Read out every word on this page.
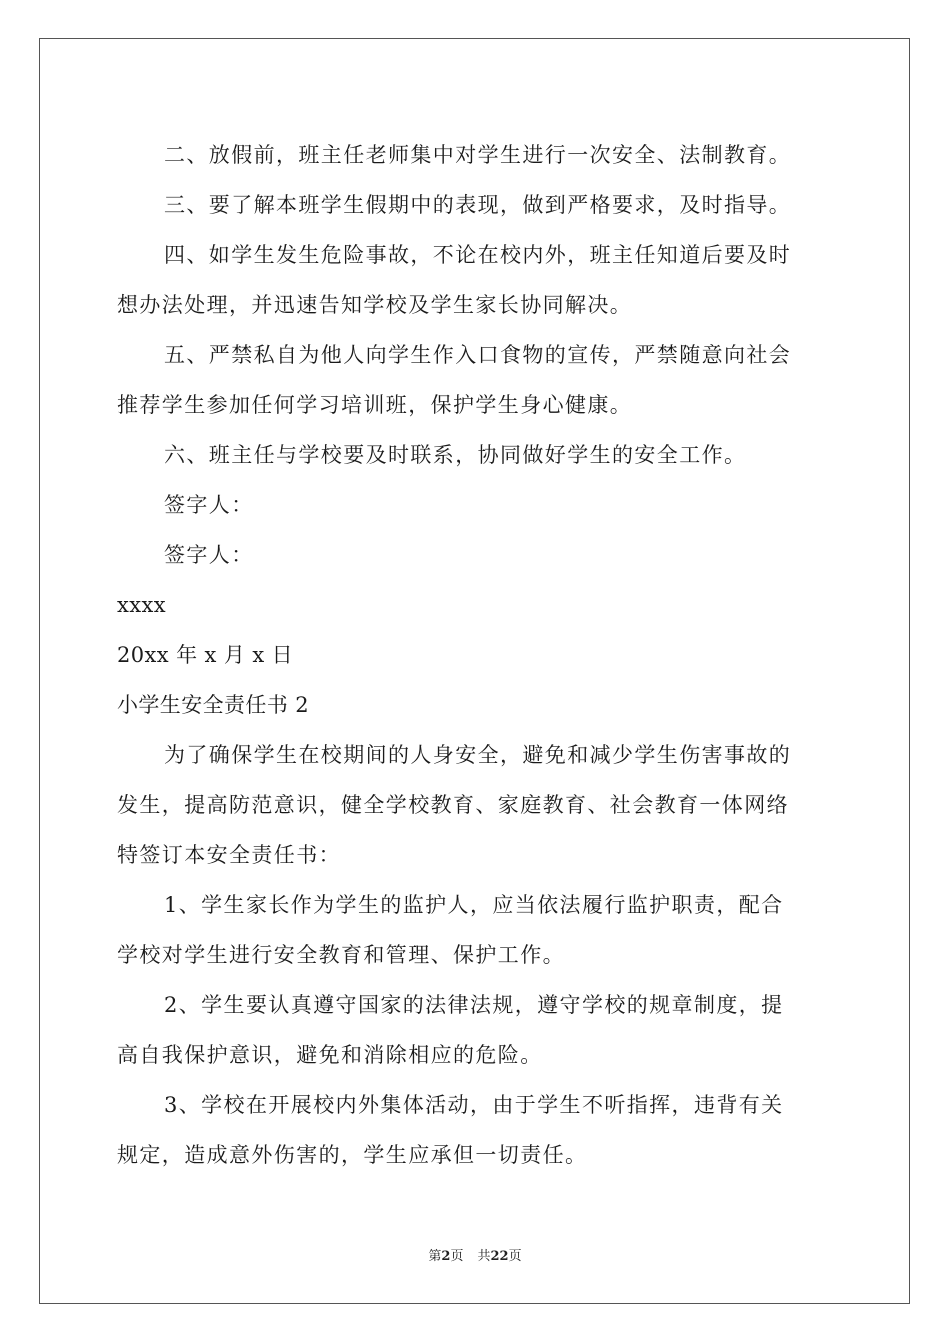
二、放假前，班主任老师集中对学生进行一次安全、法制教育。

三、要了解本班学生假期中的表现，做到严格要求，及时指导。

四、如学生发生危险事故，不论在校内外，班主任知道后要及时

想办法处理，并迅速告知学校及学生家长协同解决。

五、严禁私自为他人向学生作入口食物的宣传，严禁随意向社会

推荐学生参加任何学习培训班，保护学生身心健康。

六、班主任与学校要及时联系，协同做好学生的安全工作。

签字人：

签字人：

xxxx

20xx 年 x 月 x 日

小学生安全责任书 2

为了确保学生在校期间的人身安全，避免和减少学生伤害事故的

发生，提高防范意识，健全学校教育、家庭教育、社会教育一体网络

特签订本安全责任书：

1、学生家长作为学生的监护人，应当依法履行监护职责，配合

学校对学生进行安全教育和管理、保护工作。

2、学生要认真遵守国家的法律法规，遵守学校的规章制度，提

高自我保护意识，避免和消除相应的危险。

3、学校在开展校内外集体活动，由于学生不听指挥，违背有关

规定，造成意外伤害的，学生应承但一切责任。

第2页 共22页
